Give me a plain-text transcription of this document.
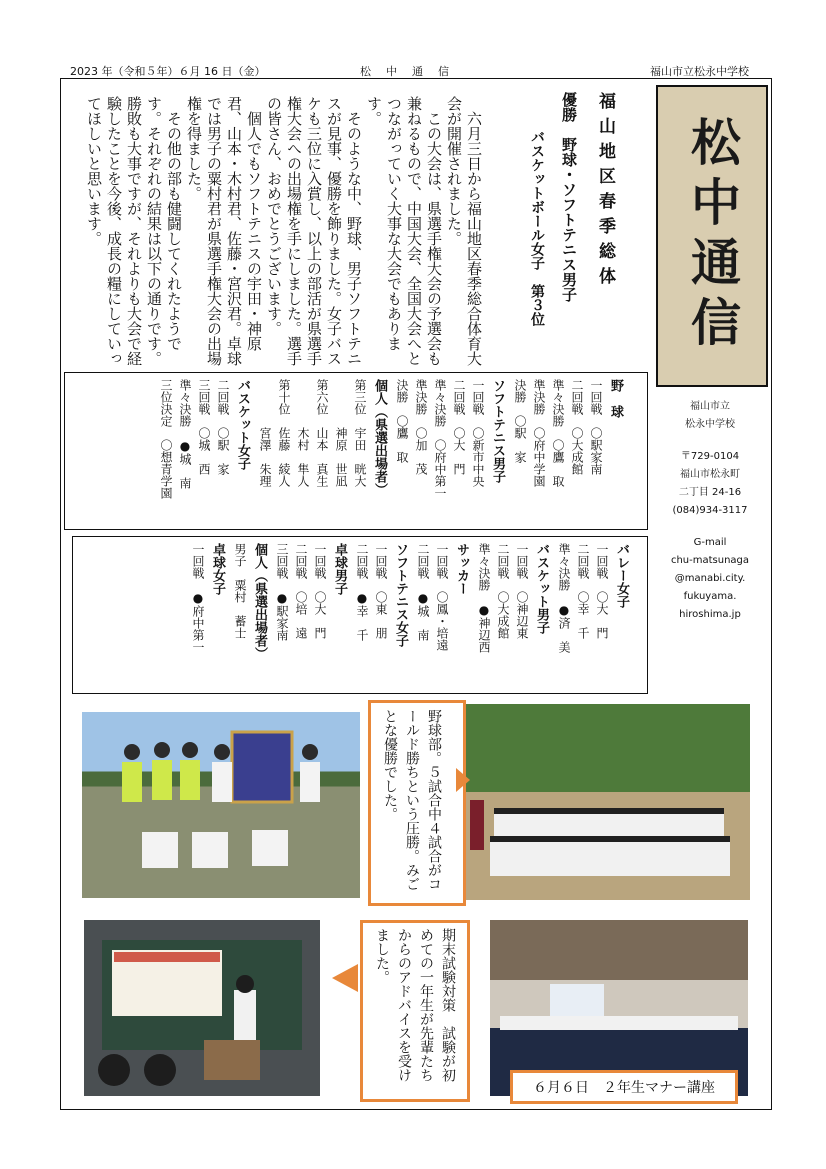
2023 年（令和５年）６月 16 日（金）	松　中　通　信	福山市立松永中学校
松中通信
福山市立
松永中学校
〒729-0104
福山市松永町
二丁目 24-16
(084)934-3117
G-mail
chu-matsunaga
@manabi.city.
fukuyama.
hiroshima.jp
福山地区春季総体
優勝　野球・ソフトテニス男子
バスケットボール女子　第３位
　六月三日から福山地区春季総合体育大会が開催されました。
　この大会は、県選手権大会の予選会も兼ねるもので、中国大会、全国大会へとつながっていく大事な大会でもあります。
　そのような中、野球、男子ソフトテニスが見事、優勝を飾りました。女子バスケも三位に入賞し、以上の部活が県選手権大会への出場権を手にしました。選手の皆さん、おめでとうございます。
　個人でもソフトテニスの宇田・神原君、山本・木村君、佐藤・宮沢君。卓球では男子の粟村君が県選手権大会の出場権を得ました。
　その他の部も健闘してくれたようです。それぞれの結果は以下の通りです。勝敗も大事ですが、それよりも大会で経験したことを今後、成長の糧にしていってほしいと思います。
野　球
一回戦　〇駅家南
二回戦　〇大成館
準々決勝　〇鷹　取
準決勝　〇府中学園
決勝　〇駅　家
ソフトテニス男子
一回戦　〇新市中央
二回戦　〇大　門
準々決勝　〇府中第一
準決勝　〇加　茂
決勝　〇鷹　取
個人（県選出場者）
第三位　宇田　晄大
　　　　神原　世凪
第六位　山本　真生
　　　　木村　隼人
第十位　佐藤　綾人
　　　　宮澤　朱理
バスケット女子
二回戦　〇駅　家
三回戦　〇城　西
準々決勝　●城　南
三位決定　〇想青学園
バレー女子
一回戦　〇大　門
二回戦　〇幸　千
準々決勝　●済　美
バスケット男子
一回戦　〇神辺東
二回戦　〇大成館
準々決勝　●神辺西
サッカー
一回戦　〇鳳・培遠
二回戦　●城　南
ソフトテニス女子
一回戦　〇東　朋
二回戦　●幸　千
卓球男子
一回戦　〇大　門
二回戦　〇培　遠
三回戦　●駅家南
個人（県選出場者）
男子　粟村　蓄士
卓球女子
一回戦　●府中第一
野球部。５試合中４試合がコールド勝ちという圧勝。みごとな優勝でした。
期末試験対策　試験が初めての一年生が先輩たちからのアドバイスを受けました。
６月６日　２年生マナー講座
